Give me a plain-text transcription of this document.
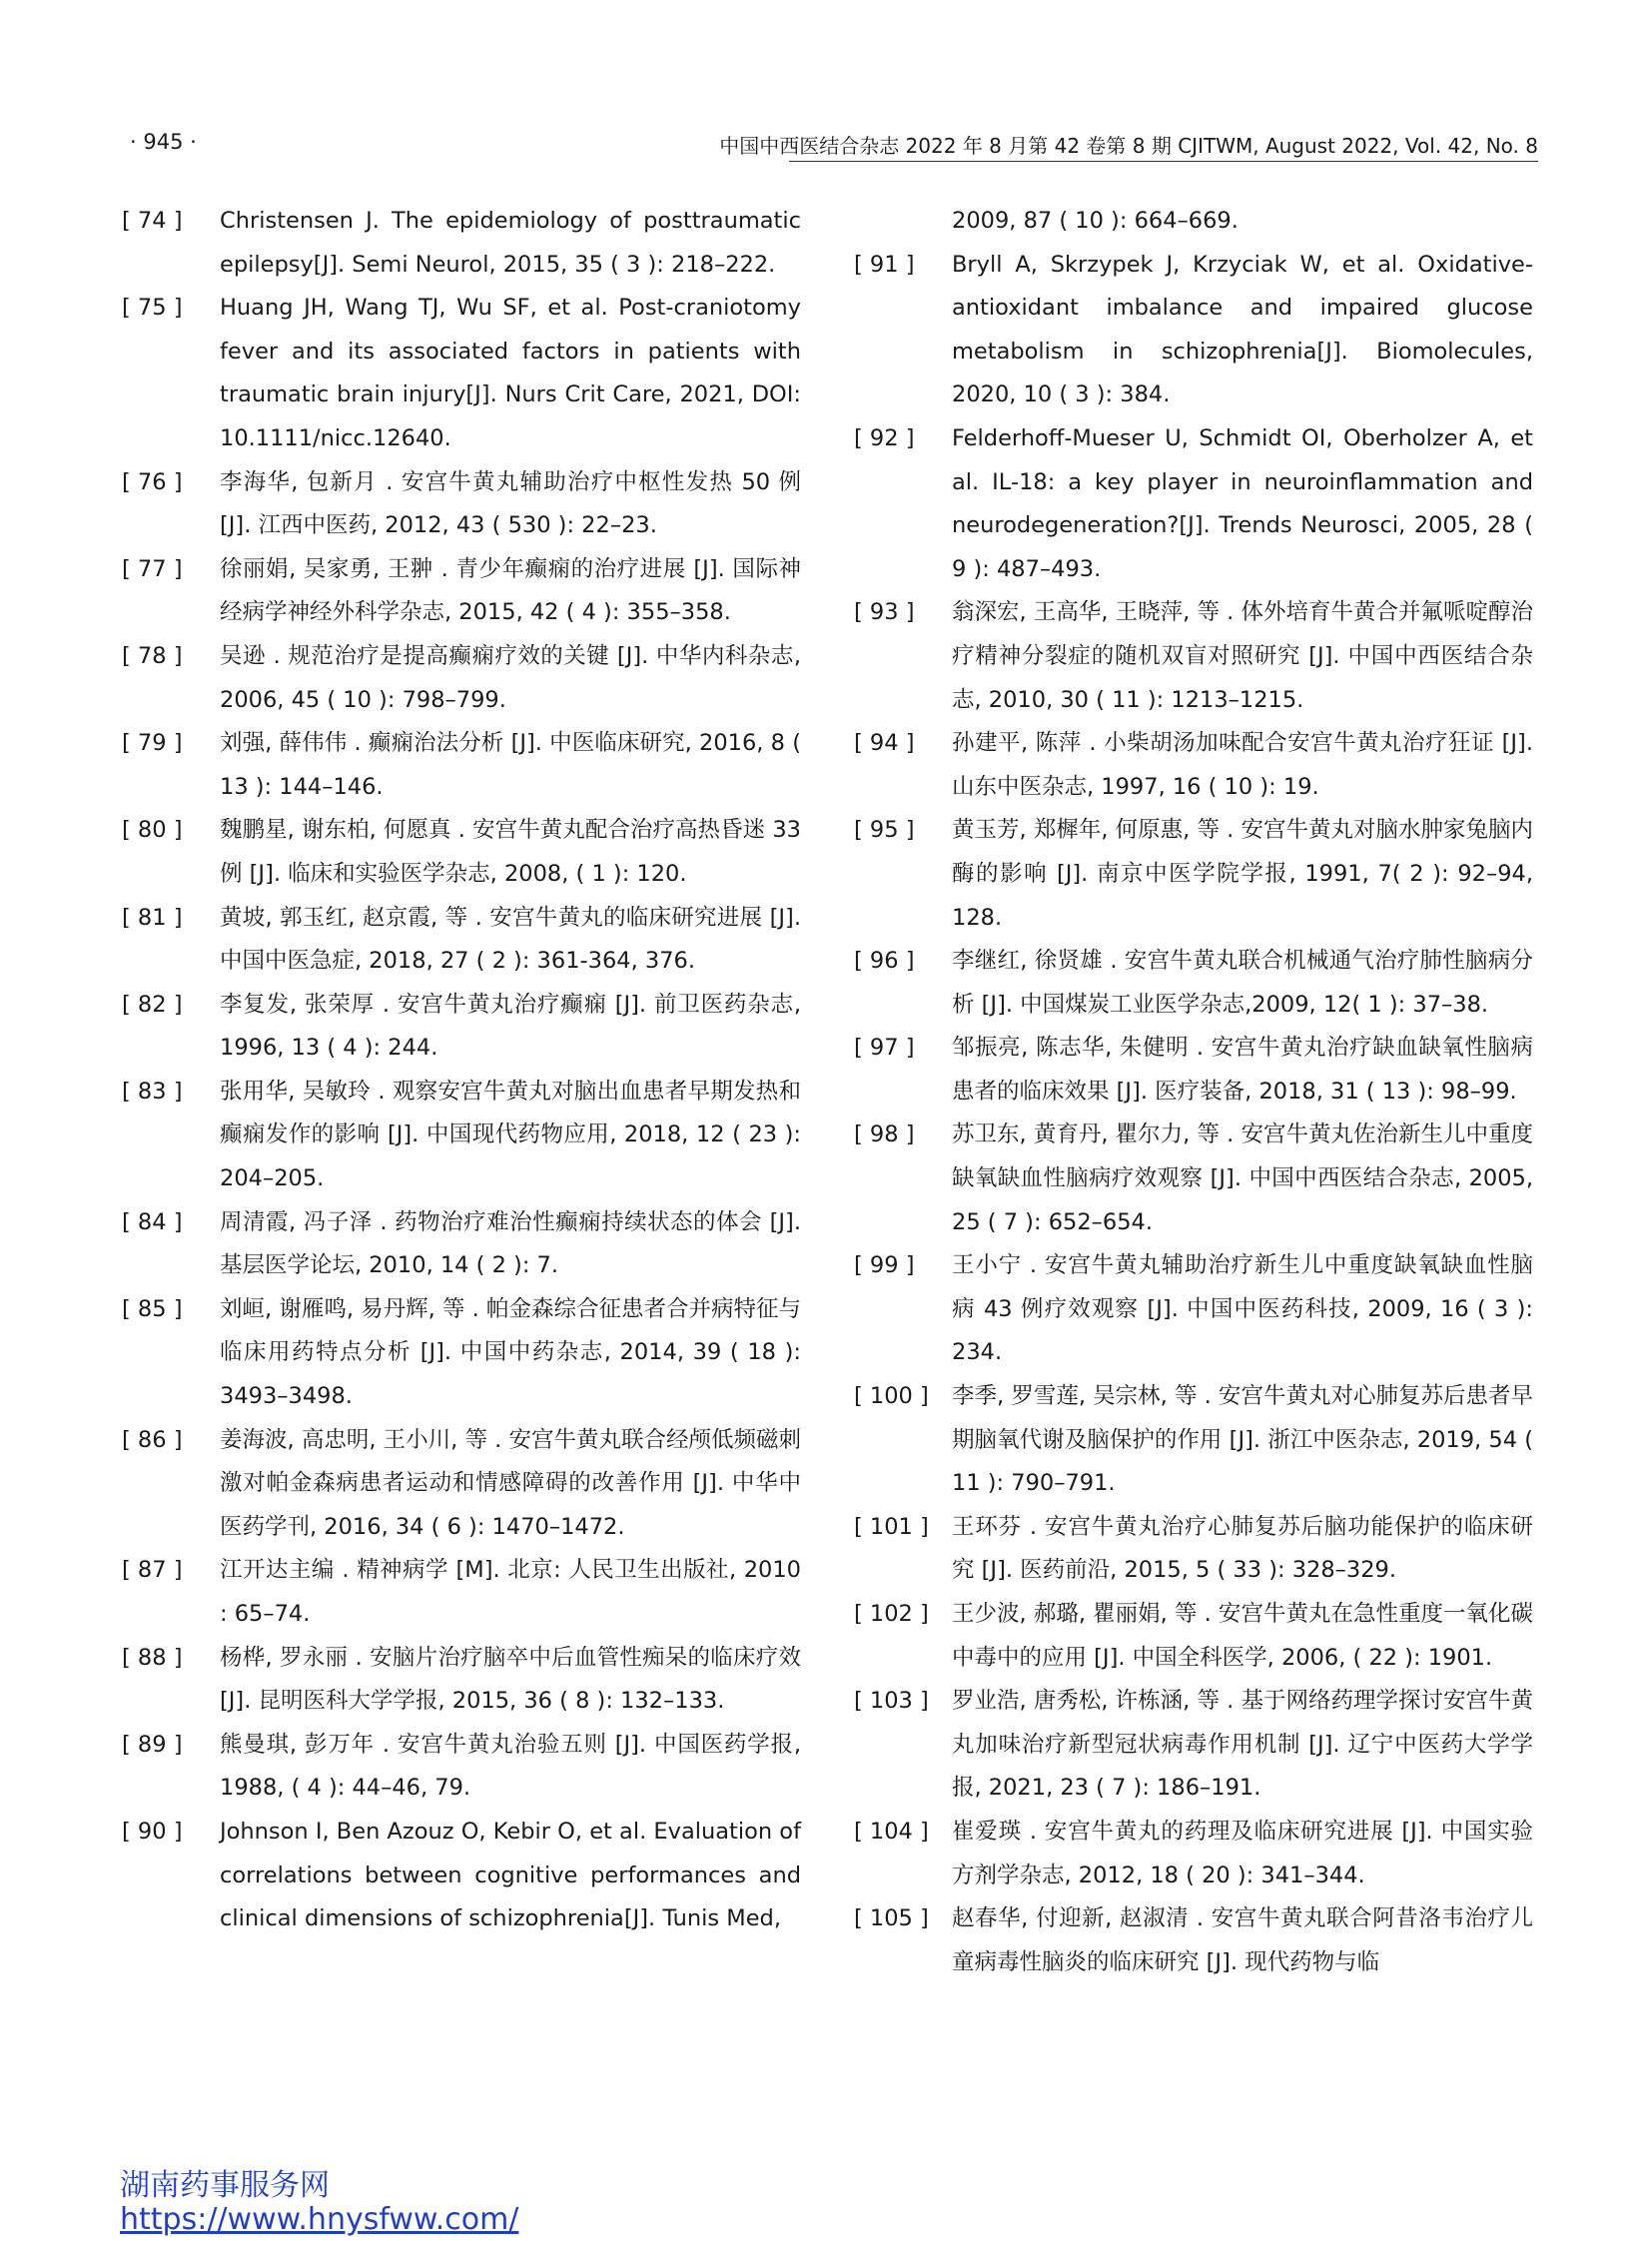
· 945 ·	中国中西医结合杂志 2022 年 8 月第 42 卷第 8 期 CJITWM, August 2022, Vol. 42, No. 8
[ 74 ]	Christensen J. The epidemiology of posttraumatic epilepsy[J]. Semi Neurol, 2015, 35 ( 3 ): 218–222.
[ 75 ]	Huang JH, Wang TJ, Wu SF, et al. Post-craniotomy fever and its associated factors in patients with traumatic brain injury[J]. Nurs Crit Care, 2021, DOI: 10.1111/nicc.12640.
[ 76 ]	李海华, 包新月 . 安宫牛黄丸辅助治疗中枢性发热 50 例 [J]. 江西中医药, 2012, 43 ( 530 ): 22–23.
[ 77 ]	徐丽娟, 吴家勇, 王翀 . 青少年癫痫的治疗进展 [J]. 国际神经病学神经外科学杂志, 2015, 42 ( 4 ): 355–358.
[ 78 ]	吴逊 . 规范治疗是提高癫痫疗效的关键 [J]. 中华内科杂志, 2006, 45 ( 10 ): 798–799.
[ 79 ]	刘强, 薛伟伟 . 癫痫治法分析 [J]. 中医临床研究, 2016, 8 ( 13 ): 144–146.
[ 80 ]	魏鹏星, 谢东柏, 何愿真 . 安宫牛黄丸配合治疗高热昏迷 33 例 [J]. 临床和实验医学杂志, 2008, ( 1 ): 120.
[ 81 ]	黄坡, 郭玉红, 赵京霞, 等 . 安宫牛黄丸的临床研究进展 [J]. 中国中医急症, 2018, 27 ( 2 ): 361-364, 376.
[ 82 ]	李复发, 张荣厚 . 安宫牛黄丸治疗癫痫 [J]. 前卫医药杂志, 1996, 13 ( 4 ): 244.
[ 83 ]	张用华, 吴敏玲 . 观察安宫牛黄丸对脑出血患者早期发热和癫痫发作的影响 [J]. 中国现代药物应用, 2018, 12 ( 23 ): 204–205.
[ 84 ]	周清霞, 冯子泽 . 药物治疗难治性癫痫持续状态的体会 [J]. 基层医学论坛, 2010, 14 ( 2 ): 7.
[ 85 ]	刘峘, 谢雁鸣, 易丹辉, 等 . 帕金森综合征患者合并病特征与临床用药特点分析 [J]. 中国中药杂志, 2014, 39 ( 18 ): 3493–3498.
[ 86 ]	姜海波, 高忠明, 王小川, 等 . 安宫牛黄丸联合经颅低频磁刺激对帕金森病患者运动和情感障碍的改善作用 [J]. 中华中医药学刊, 2016, 34 ( 6 ): 1470–1472.
[ 87 ]	江开达主编 . 精神病学 [M]. 北京: 人民卫生出版社, 2010 : 65–74.
[ 88 ]	杨桦, 罗永丽 . 安脑片治疗脑卒中后血管性痴呆的临床疗效 [J]. 昆明医科大学学报, 2015, 36 ( 8 ): 132–133.
[ 89 ]	熊曼琪, 彭万年 . 安宫牛黄丸治验五则 [J]. 中国医药学报, 1988, ( 4 ): 44–46, 79.
[ 90 ]	Johnson I, Ben Azouz O, Kebir O, et al. Evaluation of correlations between cognitive performances and clinical dimensions of schizophrenia[J]. Tunis Med,
2009, 87 ( 10 ): 664–669.
[ 91 ]	Bryll A, Skrzypek J, Krzyciak W, et al. Oxidative-antioxidant imbalance and impaired glucose metabolism in schizophrenia[J]. Biomolecules, 2020, 10 ( 3 ): 384.
[ 92 ]	Felderhoff-Mueser U, Schmidt OI, Oberholzer A, et al. IL-18: a key player in neuroinflammation and neurodegeneration?[J]. Trends Neurosci, 2005, 28 ( 9 ): 487–493.
[ 93 ]	翁深宏, 王高华, 王晓萍, 等 . 体外培育牛黄合并氟哌啶醇治疗精神分裂症的随机双盲对照研究 [J]. 中国中西医结合杂志, 2010, 30 ( 11 ): 1213–1215.
[ 94 ]	孙建平, 陈萍 . 小柴胡汤加味配合安宫牛黄丸治疗狂证 [J]. 山东中医杂志, 1997, 16 ( 10 ): 19.
[ 95 ]	黄玉芳, 郑樨年, 何原惠, 等 . 安宫牛黄丸对脑水肿家兔脑内酶的影响 [J]. 南京中医学院学报, 1991, 7( 2 ): 92–94, 128.
[ 96 ]	李继红, 徐贤雄 . 安宫牛黄丸联合机械通气治疗肺性脑病分析 [J]. 中国煤炭工业医学杂志,2009, 12( 1 ): 37–38.
[ 97 ]	邹振亮, 陈志华, 朱健明 . 安宫牛黄丸治疗缺血缺氧性脑病患者的临床效果 [J]. 医疗装备, 2018, 31 ( 13 ): 98–99.
[ 98 ]	苏卫东, 黄育丹, 瞿尔力, 等 . 安宫牛黄丸佐治新生儿中重度缺氧缺血性脑病疗效观察 [J]. 中国中西医结合杂志, 2005, 25 ( 7 ): 652–654.
[ 99 ]	王小宁 . 安宫牛黄丸辅助治疗新生儿中重度缺氧缺血性脑病 43 例疗效观察 [J]. 中国中医药科技, 2009, 16 ( 3 ): 234.
[ 100 ]	李季, 罗雪莲, 吴宗林, 等 . 安宫牛黄丸对心肺复苏后患者早期脑氧代谢及脑保护的作用 [J]. 浙江中医杂志, 2019, 54 ( 11 ): 790–791.
[ 101 ]	王环芬 . 安宫牛黄丸治疗心肺复苏后脑功能保护的临床研究 [J]. 医药前沿, 2015, 5 ( 33 ): 328–329.
[ 102 ]	王少波, 郝璐, 瞿丽娟, 等 . 安宫牛黄丸在急性重度一氧化碳中毒中的应用 [J]. 中国全科医学, 2006, ( 22 ): 1901.
[ 103 ]	罗业浩, 唐秀松, 许栋涵, 等 . 基于网络药理学探讨安宫牛黄丸加味治疗新型冠状病毒作用机制 [J]. 辽宁中医药大学学报, 2021, 23 ( 7 ): 186–191.
[ 104 ]	崔爱瑛 . 安宫牛黄丸的药理及临床研究进展 [J]. 中国实验方剂学杂志, 2012, 18 ( 20 ): 341–344.
[ 105 ]	赵春华, 付迎新, 赵淑清 . 安宫牛黄丸联合阿昔洛韦治疗儿童病毒性脑炎的临床研究 [J]. 现代药物与临
湖南药事服务网
https://www.hnysfww.com/
